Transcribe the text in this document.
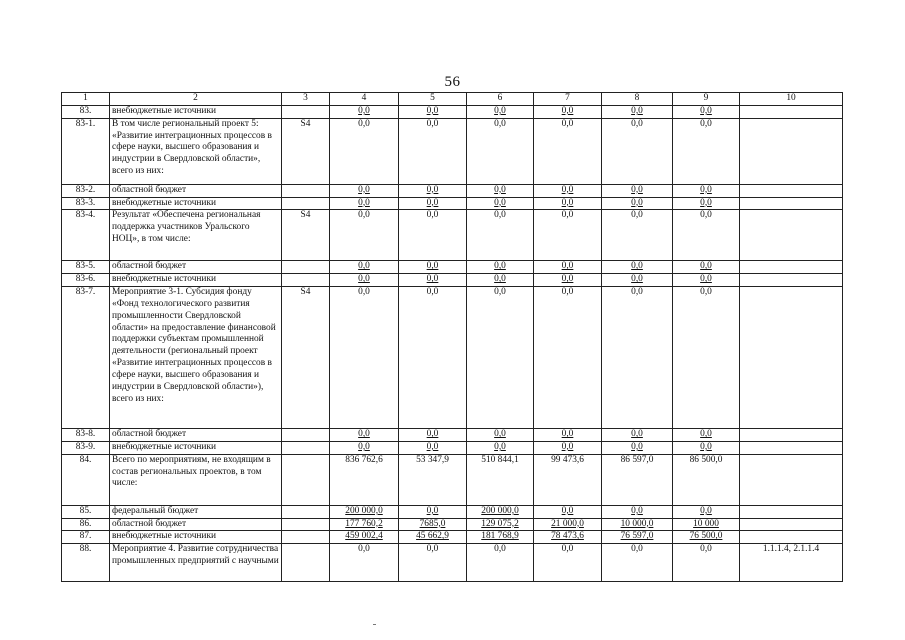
56
1	2	3	4	5	6	7	8	9	10
83.	внебюджетные источники		0,0	0,0	0,0	0,0	0,0	0,0	
83-1.	В том числе региональный проект 5: «Развитие интеграционных процессов в сфере науки, высшего образования и индустрии в Свердловской области», всего из них:	S4	0,0	0,0	0,0	0,0	0,0	0,0	
83-2.	областной бюджет		0,0	0,0	0,0	0,0	0,0	0,0	
83-3.	внебюджетные источники		0,0	0,0	0,0	0,0	0,0	0,0	
83-4.	Результат «Обеспечена региональная поддержка участников Уральского НОЦ», в том числе:	S4	0,0	0,0	0,0	0,0	0,0	0,0	
83-5.	областной бюджет		0,0	0,0	0,0	0,0	0,0	0,0	
83-6.	внебюджетные источники		0,0	0,0	0,0	0,0	0,0	0,0	
83-7.	Мероприятие 3-1. Субсидия фонду «Фонд технологического развития промышленности Свердловской области» на предоставление финансовой поддержки субъектам промышленной деятельности (региональный проект «Развитие интеграционных процессов в сфере науки, высшего образования и индустрии в Свердловской области»), всего из них:	S4	0,0	0,0	0,0	0,0	0,0	0,0	
83-8.	областной бюджет		0,0	0,0	0,0	0,0	0,0	0,0	
83-9.	внебюджетные источники		0,0	0,0	0,0	0,0	0,0	0,0	
84.	Всего по мероприятиям, не входящим в состав региональных проектов, в том числе:		836 762,6	53 347,9	510 844,1	99 473,6	86 597,0	86 500,0	
85.	федеральный бюджет		200 000,0	0,0	200 000,0	0,0	0,0	0,0	
86.	областной бюджет		177 760,2	7685,0	129 075,2	21 000,0	10 000,0	10 000	
87.	внебюджетные источники		459 002,4	45 662,9	181 768,9	78 473,6	76 597,0	76 500,0	
88.	Мероприятие 4. Развитие сотрудничества промышленных предприятий с научными		0,0	0,0	0,0	0,0	0,0	0,0	1.1.1.4, 2.1.1.4
